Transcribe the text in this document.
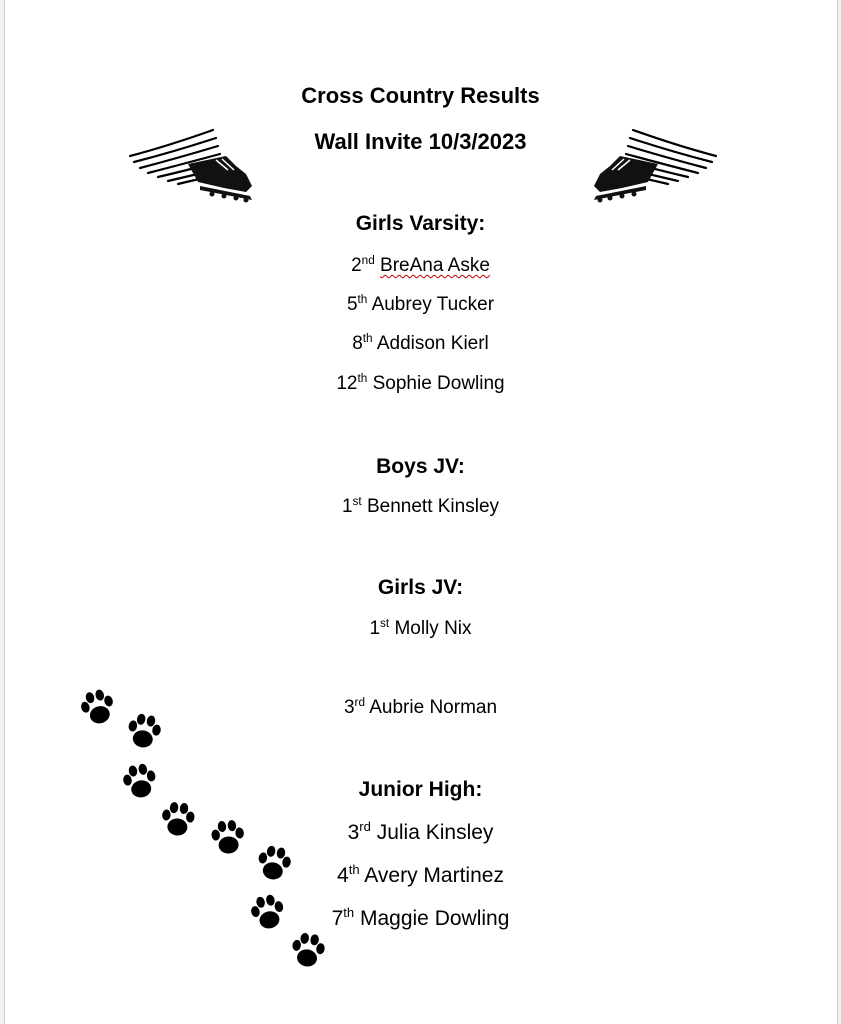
Cross Country Results
Wall Invite 10/3/2023
Girls Varsity:
2nd BreAna Aske
5th Aubrey Tucker
8th Addison Kierl
12th Sophie Dowling
Boys JV:
1st Bennett Kinsley
Girls JV:
1st Molly Nix
3rd Aubrie Norman
Junior High:
3rd Julia Kinsley
4th Avery Martinez
7th Maggie Dowling
